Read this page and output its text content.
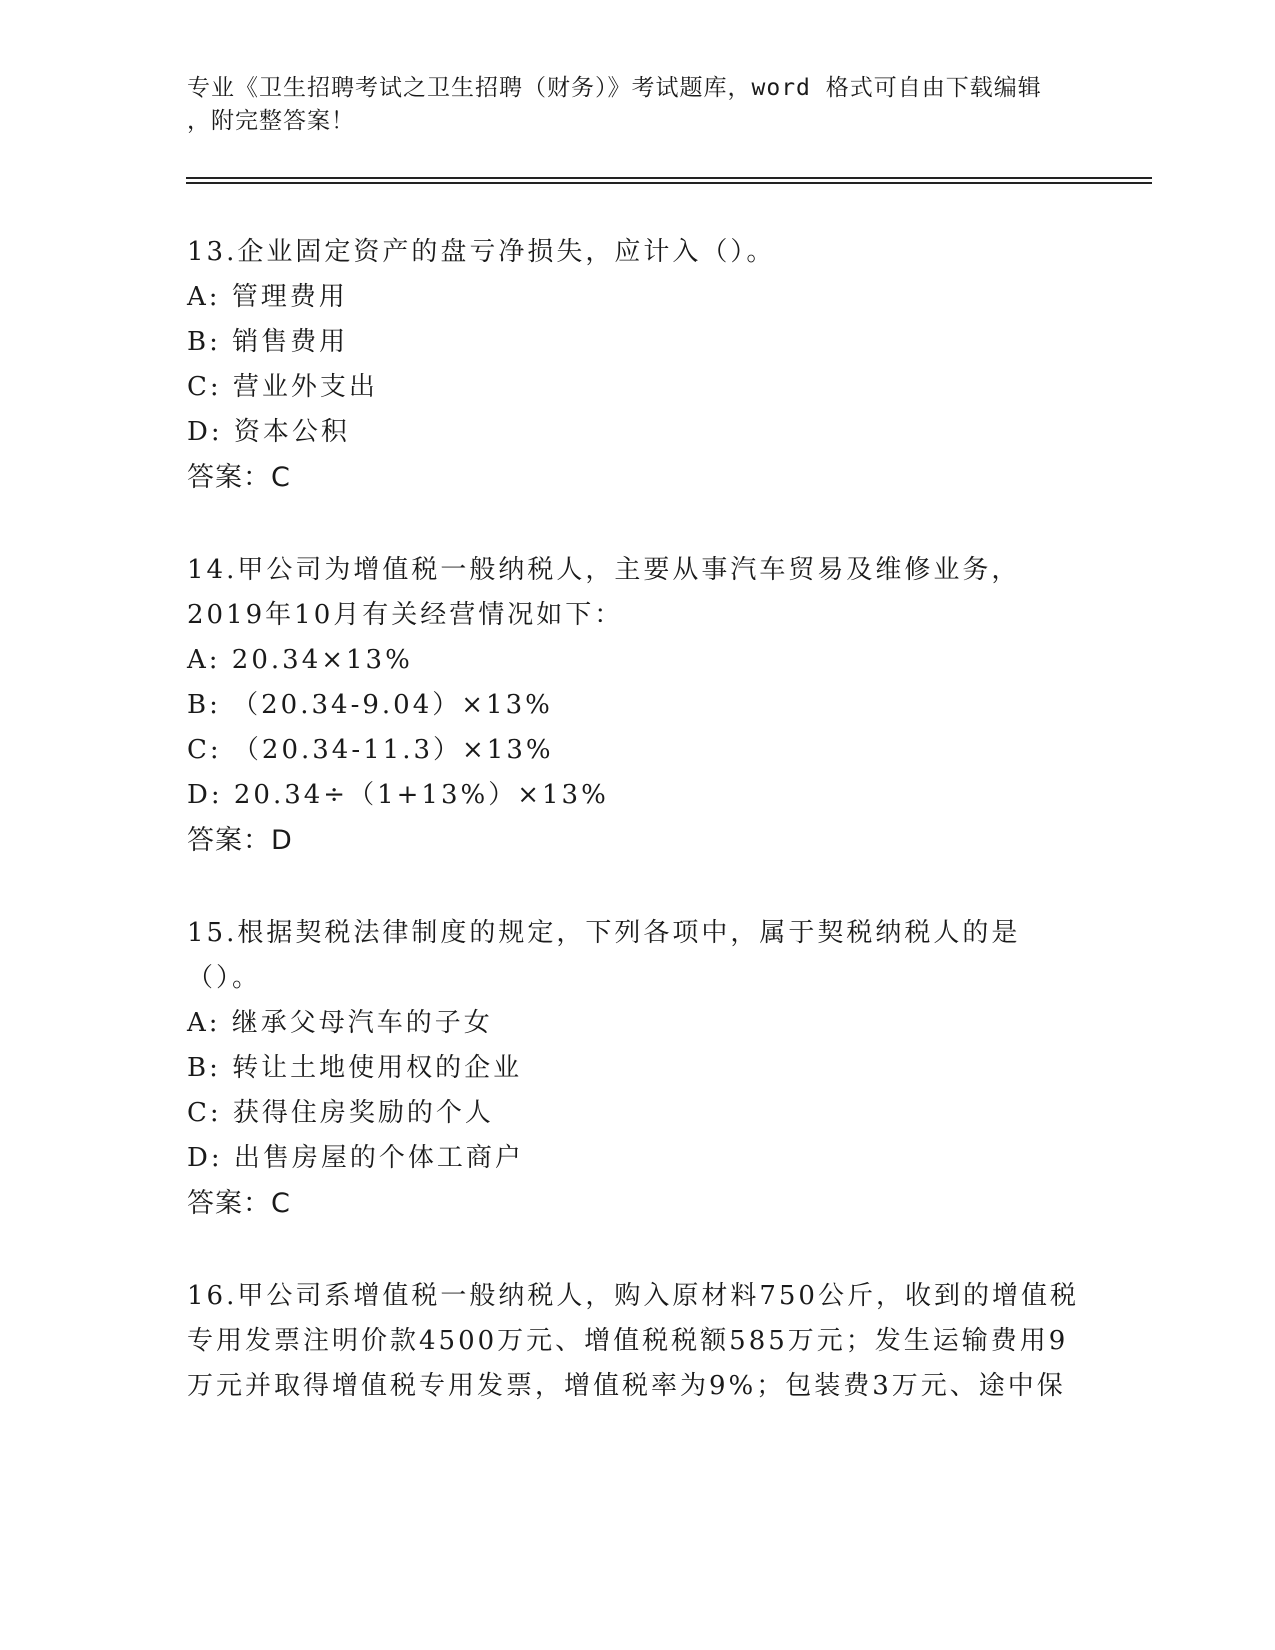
专业《卫生招聘考试之卫生招聘（财务）》考试题库，word 格式可自由下载编辑
，附完整答案！

13.企业固定资产的盘亏净损失，应计入（）。

A: 管理费用

B: 销售费用

C: 营业外支出

D: 资本公积

答案：C

14.甲公司为增值税一般纳税人，主要从事汽车贸易及维修业务，2019年10月有关经营情况如下：

A: 20.34×13%

B: （20.34-9.04）×13%

C: （20.34-11.3）×13%

D: 20.34÷（1+13%）×13%

答案：D

15.根据契税法律制度的规定，下列各项中，属于契税纳税人的是（）。

A: 继承父母汽车的子女

B: 转让土地使用权的企业

C: 获得住房奖励的个人

D: 出售房屋的个体工商户

答案：C

16.甲公司系增值税一般纳税人，购入原材料750公斤，收到的增值税专用发票注明价款4500万元、增值税税额585万元；发生运输费用9万元并取得增值税专用发票，增值税率为9%；包装费3万元、途中保
